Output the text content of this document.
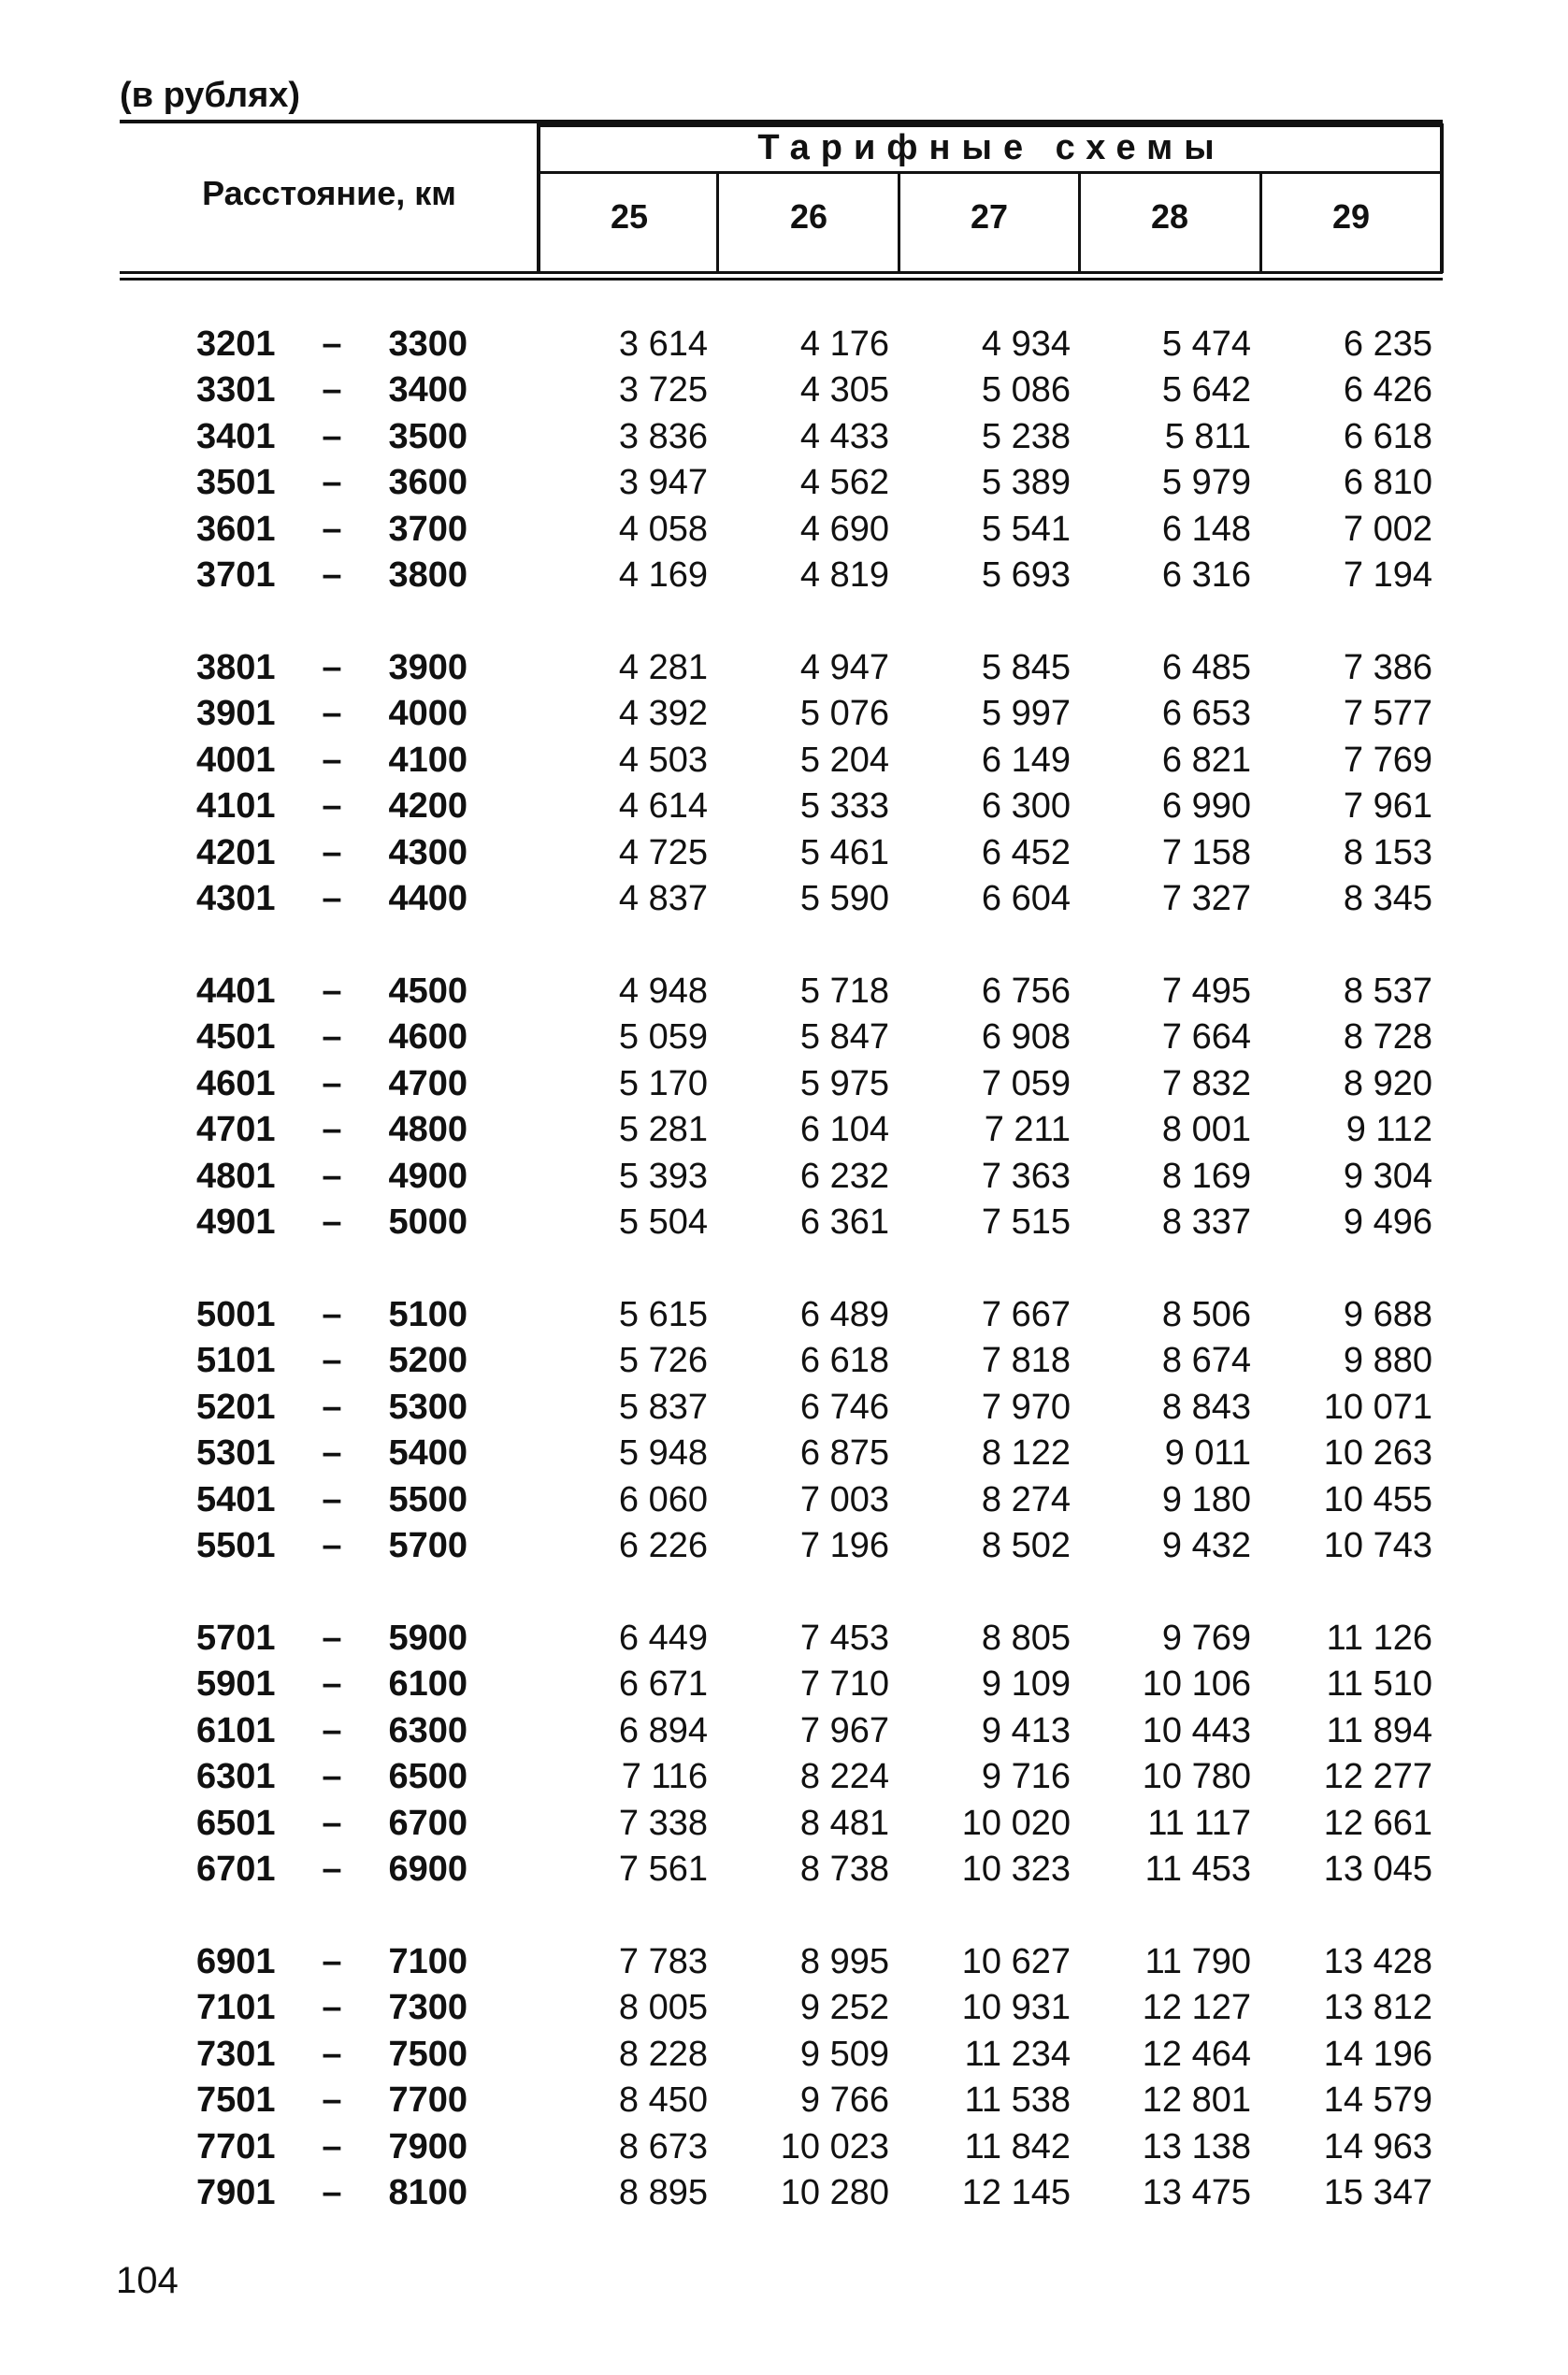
(в рублях)
Расстояние, км
Тарифные схемы
25	26	27	28	29
3201 – 3300	3 614	4 176	4 934	5 474	6 235
3301 – 3400	3 725	4 305	5 086	5 642	6 426
3401 – 3500	3 836	4 433	5 238	5 811	6 618
3501 – 3600	3 947	4 562	5 389	5 979	6 810
3601 – 3700	4 058	4 690	5 541	6 148	7 002
3701 – 3800	4 169	4 819	5 693	6 316	7 194
3801 – 3900	4 281	4 947	5 845	6 485	7 386
3901 – 4000	4 392	5 076	5 997	6 653	7 577
4001 – 4100	4 503	5 204	6 149	6 821	7 769
4101 – 4200	4 614	5 333	6 300	6 990	7 961
4201 – 4300	4 725	5 461	6 452	7 158	8 153
4301 – 4400	4 837	5 590	6 604	7 327	8 345
4401 – 4500	4 948	5 718	6 756	7 495	8 537
4501 – 4600	5 059	5 847	6 908	7 664	8 728
4601 – 4700	5 170	5 975	7 059	7 832	8 920
4701 – 4800	5 281	6 104	7 211	8 001	9 112
4801 – 4900	5 393	6 232	7 363	8 169	9 304
4901 – 5000	5 504	6 361	7 515	8 337	9 496
5001 – 5100	5 615	6 489	7 667	8 506	9 688
5101 – 5200	5 726	6 618	7 818	8 674	9 880
5201 – 5300	5 837	6 746	7 970	8 843	10 071
5301 – 5400	5 948	6 875	8 122	9 011	10 263
5401 – 5500	6 060	7 003	8 274	9 180	10 455
5501 – 5700	6 226	7 196	8 502	9 432	10 743
5701 – 5900	6 449	7 453	8 805	9 769	11 126
5901 – 6100	6 671	7 710	9 109	10 106	11 510
6101 – 6300	6 894	7 967	9 413	10 443	11 894
6301 – 6500	7 116	8 224	9 716	10 780	12 277
6501 – 6700	7 338	8 481	10 020	11 117	12 661
6701 – 6900	7 561	8 738	10 323	11 453	13 045
6901 – 7100	7 783	8 995	10 627	11 790	13 428
7101 – 7300	8 005	9 252	10 931	12 127	13 812
7301 – 7500	8 228	9 509	11 234	12 464	14 196
7501 – 7700	8 450	9 766	11 538	12 801	14 579
7701 – 7900	8 673	10 023	11 842	13 138	14 963
7901 – 8100	8 895	10 280	12 145	13 475	15 347
104
